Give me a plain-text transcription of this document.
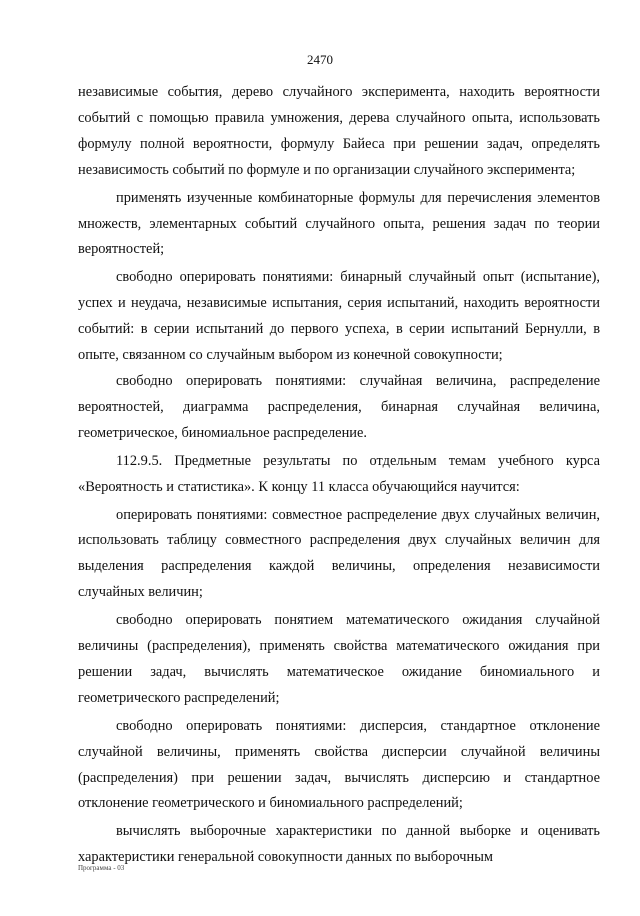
2470

независимые события, дерево случайного эксперимента, находить вероятности событий с помощью правила умножения, дерева случайного опыта, использовать формулу полной вероятности, формулу Байеса при решении задач, определять независимость событий по формуле и по организации случайного эксперимента;

применять изученные комбинаторные формулы для перечисления элементов множеств, элементарных событий случайного опыта, решения задач по теории вероятностей;

свободно оперировать понятиями: бинарный случайный опыт (испытание), успех и неудача, независимые испытания, серия испытаний, находить вероятности событий: в серии испытаний до первого успеха, в серии испытаний Бернулли, в опыте, связанном со случайным выбором из конечной совокупности;

свободно оперировать понятиями: случайная величина, распределение вероятностей, диаграмма распределения, бинарная случайная величина, геометрическое, биномиальное распределение.

112.9.5. Предметные результаты по отдельным темам учебного курса «Вероятность и статистика». К концу 11 класса обучающийся научится:

оперировать понятиями: совместное распределение двух случайных величин, использовать таблицу совместного распределения двух случайных величин для выделения распределения каждой величины, определения независимости случайных величин;

свободно оперировать понятием математического ожидания случайной величины (распределения), применять свойства математического ожидания при решении задач, вычислять математическое ожидание биномиального и геометрического распределений;

свободно оперировать понятиями: дисперсия, стандартное отклонение случайной величины, применять свойства дисперсии случайной величины (распределения) при решении задач, вычислять дисперсию и стандартное отклонение геометрического и биномиального распределений;

вычислять выборочные характеристики по данной выборке и оценивать характеристики генеральной совокупности данных по выборочным

Программа - 03
